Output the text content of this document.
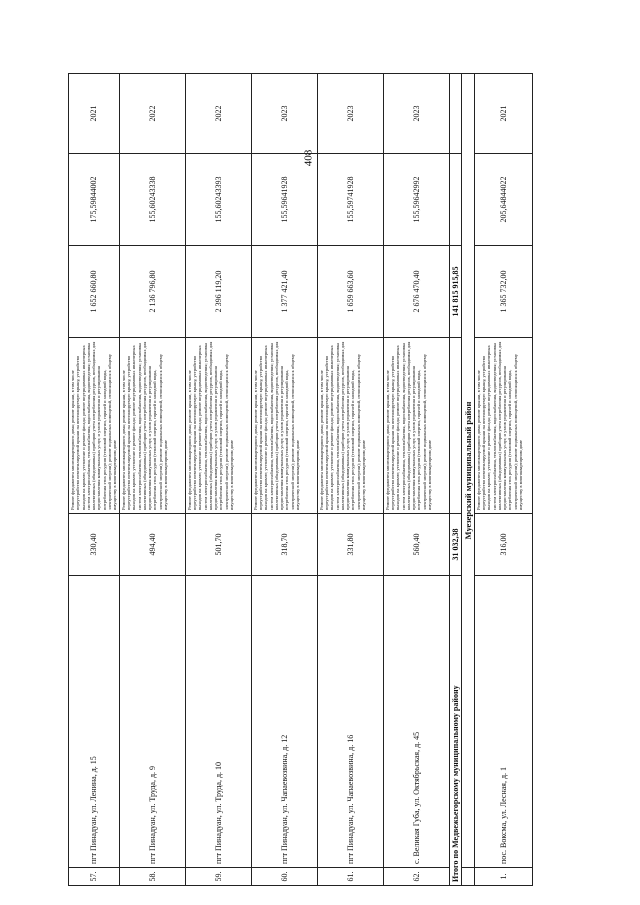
408
57.	пгт Пинадуан, ул. Ленина, д. 15	330,40	Ремонт фундамента многоквартирного дома; ремонт крыши, в том числе переустройство невентилируемой крыши на вентилируемую крышу, устройство выходов на кровлю; утепление и ремонт фасада; ремонт внутридомовых инженерных систем электроснабжения, теплоснабжения, водоснабжения, водоотведения; установка коллективных (общедомовых) приборов учета потребления ресурсов, необходимых для предоставления коммунальных услуг, и узлов управления и регулирования потребления этих ресурсов (тепловой энергии, горячей и холодной воды, электрической энергии); ремонт подвальных помещений, относящихся к общему имуществу в многоквартирном доме	1 652 660,80	175,59844002	2021
58.	пгт Пинадуан, ул. Труда, д. 9	494,40	Ремонт фундамента многоквартирного дома; ремонт крыши, в том числе переустройство невентилируемой крыши на вентилируемую крышу, устройство выходов на кровлю; утепление и ремонт фасада; ремонт внутридомовых инженерных систем электроснабжения, теплоснабжения, водоснабжения, водоотведения; установка коллективных (общедомовых) приборов учета потребления ресурсов, необходимых для предоставления коммунальных услуг, и узлов управления и регулирования потребления этих ресурсов (тепловой энергии, горячей и холодной воды, электрической энергии); ремонт подвальных помещений, относящихся к общему имуществу в многоквартирном доме	2 136 796,80	155,60243338	2022
59.	пгт Пинадуан, ул. Труда, д. 10	501,70	Ремонт фундамента многоквартирного дома; ремонт крыши, в том числе переустройство невентилируемой крыши на вентилируемую крышу, устройство выходов на кровлю; утепление и ремонт фасада; ремонт внутридомовых инженерных систем электроснабжения, теплоснабжения, водоснабжения, водоотведения; установка коллективных (общедомовых) приборов учета потребления ресурсов, необходимых для предоставления коммунальных услуг, и узлов управления и регулирования потребления этих ресурсов (тепловой энергии, горячей и холодной воды, электрической энергии); ремонт подвальных помещений, относящихся к общему имуществу в многоквартирном доме	2 396 119,20	155,60243393	2022
60.	пгт Пинадуан, ул. Чапаевозвина, д. 12	318,70	Ремонт фундамента многоквартирного дома; ремонт крыши, в том числе переустройство невентилируемой крыши на вентилируемую крышу, устройство выходов на кровлю; утепление и ремонт фасада; ремонт внутридомовых инженерных систем электроснабжения, теплоснабжения, водоснабжения, водоотведения; установка коллективных (общедомовых) приборов учета потребления ресурсов, необходимых для предоставления коммунальных услуг, и узлов управления и регулирования потребления этих ресурсов (тепловой энергии, горячей и холодной воды, электрической энергии); ремонт подвальных помещений, относящихся к общему имуществу в многоквартирном доме	1 377 421,40	155,59641928	2023
61.	пгт Пинадуан, ул. Чапаевозвина, д. 16	331,80	Ремонт фундамента многоквартирного дома; ремонт крыши, в том числе переустройство невентилируемой крыши на вентилируемую крышу, устройство выходов на кровлю; утепление и ремонт фасада; ремонт внутридомовых инженерных систем электроснабжения, теплоснабжения, водоснабжения, водоотведения; установка коллективных (общедомовых) приборов учета потребления ресурсов, необходимых для предоставления коммунальных услуг, и узлов управления и регулирования потребления этих ресурсов (тепловой энергии, горячей и холодной воды, электрической энергии); ремонт подвальных помещений, относящихся к общему имуществу в многоквартирном доме	1 659 663,60	155,59741928	2023
62.	с. Великая Губа, ул. Октябрьская, д. 45	560,40	Ремонт фундамента многоквартирного дома; ремонт крыши, в том числе переустройство невентилируемой крыши на вентилируемую крышу, устройство выходов на кровлю; утепление и ремонт фасада; ремонт внутридомовых инженерных систем электроснабжения, теплоснабжения, водоснабжения, водоотведения; установка коллективных (общедомовых) приборов учета потребления ресурсов, необходимых для предоставления коммунальных услуг, и узлов управления и регулирования потребления этих ресурсов (тепловой энергии, горячей и холодной воды, электрической энергии); ремонт подвальных помещений, относящихся к общему имуществу в многоквартирном доме	2 676 470,40	155,59642992	2023
Итого по Медвежьегорскому муниципальному району		31 032,38		141 815 915,85		
	Муезерский муниципальный район					
1.	пос. Воксма, ул. Лесная, д. 1	316,00	Ремонт фундамента многоквартирного дома; ремонт крыши, в том числе переустройство невентилируемой крыши на вентилируемую крышу, устройство выходов на кровлю; утепление и ремонт фасада; ремонт внутридомовых инженерных систем электроснабжения, теплоснабжения, водоснабжения, водоотведения; установка коллективных (общедомовых) приборов учета потребления ресурсов, необходимых для предоставления коммунальных услуг, и узлов управления и регулирования потребления этих ресурсов (тепловой энергии, горячей и холодной воды, электрической энергии); ремонт подвальных помещений, относящихся к общему имуществу в многоквартирном доме	1 365 732,00	205,64844022	2021
